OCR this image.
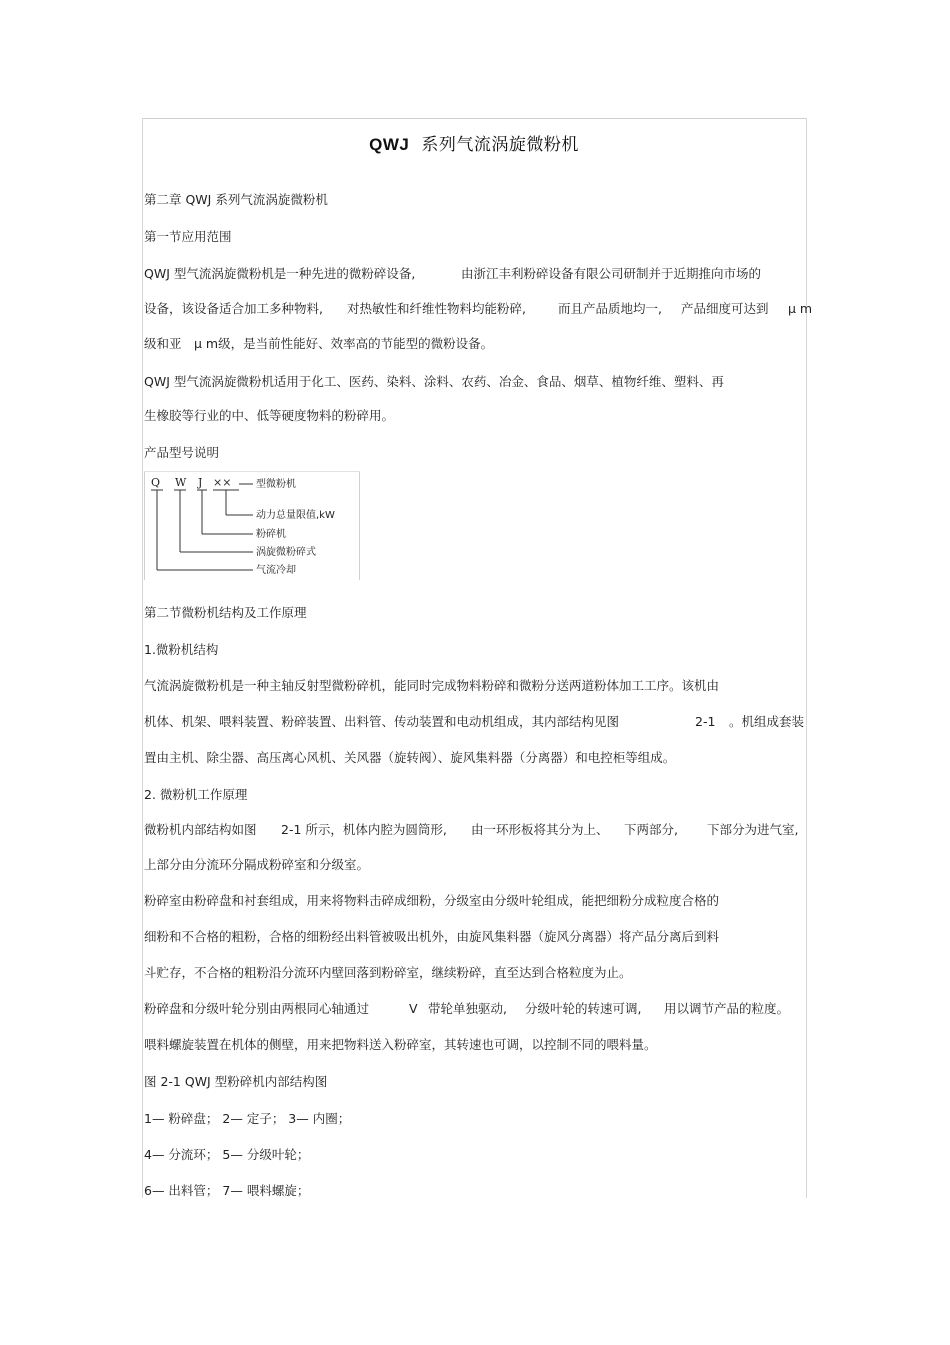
QWJ 系列气流涡旋微粉机
第二章 QWJ 系列气流涡旋微粉机
第一节应用范围
QWJ 型气流涡旋微粉机是一种先进的微粉碎设备,	由浙江丰利粉碎设备有限公司研制并于近期推向市场的
设备，该设备适合加工多种物料, 对热敏性和纤维性物料均能粉碎,	而且产品质地均一, 产品细度可达到 μ m
级和亚 μ m级，是当前性能好、效率高的节能型的微粉设备。
QWJ 型气流涡旋微粉机适用于化工、医药、染料、涂料、农药、冶金、食品、烟草、植物纤维、塑料、再
生橡胶等行业的中、低等硬度物料的粉碎用。
产品型号说明
Q W J ×× 型微粉机
动力总量限值,kW
粉碎机
涡旋微粉碎式
气流冷却
第二节微粉机结构及工作原理
1.微粉机结构
气流涡旋微粉机是一种主轴反射型微粉碎机，能同时完成物料粉碎和微粉分送两道粉体加工工序。该机由
机体、机架、喂料装置、粉碎装置、出料管、传动装置和电动机组成，其内部结构见图	2-1 。机组成套装
置由主机、除尘器、高压离心风机、关风器（旋转阀）、旋风集料器（分离器）和电控柜等组成。
2. 微粉机工作原理
微粉机内部结构如图 2-1 所示，机体内腔为圆筒形, 由一环形板将其分为上、 下两部分, 下部分为进气室,
上部分由分流环分隔成粉碎室和分级室。
粉碎室由粉碎盘和衬套组成，用来将物料击碎成细粉，分级室由分级叶轮组成，能把细粉分成粒度合格的
细粉和不合格的粗粉，合格的细粉经出料管被吸出机外，由旋风集料器（旋风分离器）将产品分离后到料
斗贮存，不合格的粗粉沿分流环内壁回落到粉碎室，继续粉碎，直至达到合格粒度为止。
粉碎盘和分级叶轮分别由两根同心轴通过	V 带轮单独驱动, 分级叶轮的转速可调, 用以调节产品的粒度。
喂料螺旋装置在机体的侧壁，用来把物料送入粉碎室，其转速也可调，以控制不同的喂料量。
图 2-1 QWJ 型粉碎机内部结构图
1— 粉碎盘； 2— 定子； 3— 内圈；
4— 分流环； 5— 分级叶轮；
6— 出料管； 7— 喂料螺旋；
